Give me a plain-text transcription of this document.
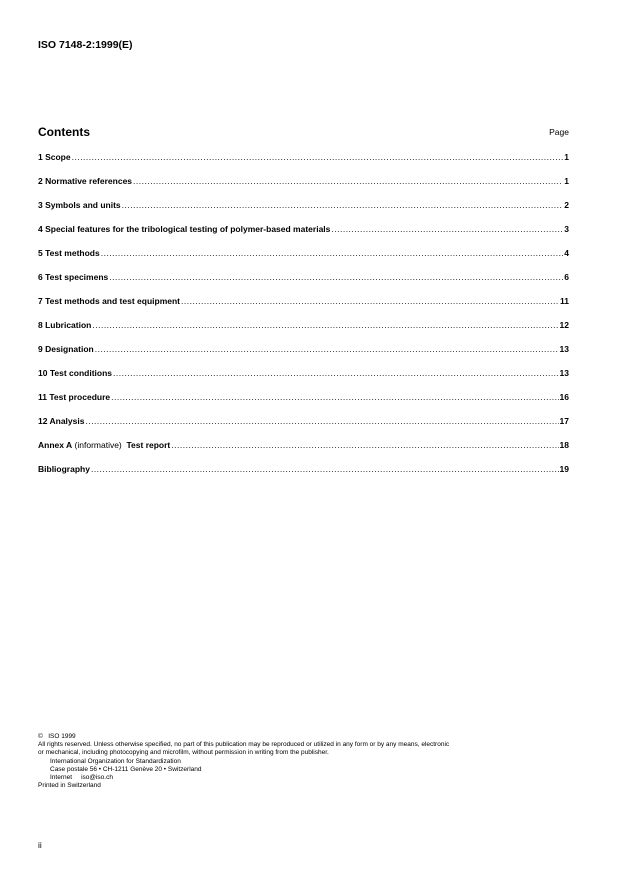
ISO 7148-2:1999(E)
Contents	Page
1 Scope .....	1
2 Normative references .....	1
3 Symbols and units .....	2
4 Special features for the tribological testing of polymer-based materials .....	3
5 Test methods .....	4
6 Test specimens .....	6
7 Test methods and test equipment .....	11
8 Lubrication .....	12
9 Designation .....	13
10 Test conditions .....	13
11 Test procedure .....	16
12 Analysis .....	17
Annex A (informative)  Test report .....	18
Bibliography .....	19
©   ISO 1999
All rights reserved. Unless otherwise specified, no part of this publication may be reproduced or utilized in any form or by any means, electronic
or mechanical, including photocopying and microfilm, without permission in writing from the publisher.
International Organization for Standardization
Case postale 56 • CH-1211 Genève 20 • Switzerland
Internet     iso@iso.ch
Printed in Switzerland
ii
